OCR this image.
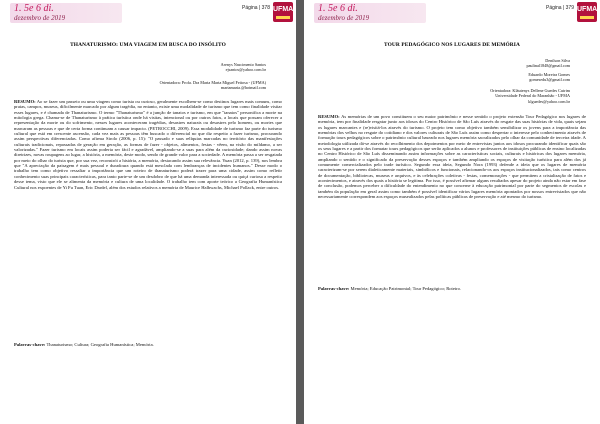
1. 5e 6 di.
dezembro de 2019
Página | 378 UFMA
THANATURISMO: UMA VIAGEM EM BUSCA DO INSÓLITO
Arenys Nascimento Santos
ejsantos@yahoo.com.br
Orientadora: Profa. Dra Maria Marta Miguel Feitosa - (UFMA)
martamaria.@hotmail.com
RESUMO: Ao se fazer um passeio ou uma viagem como turista ou curioso, geralmente escolhem-se como destinos lugares mais comuns, como praias, campos, museus, dificilmente marcado por algum tragédia, no entanto, existe uma modalidade de turismo que tem como finalidade visitar esses lugares, e é chamada de Thanaturismo. O termo "Thanaturismo" é a junção de tanatos e turismo, em que "tanatos" personifica a morte na mitologia grega. Chama-se de Thanaturismo à prática turística onde há visitas, intencional ou por outros fatos, a locais que possam oferecer a representação da morte ou do sofrimento, nesses lugares aconteceram tragédias, desastres naturais ou desastres pelo homem, ou mortes que marcaram as pessoas e que de certa forma continuam a causar impacto. (PETROCCHI, 2009). Essa modalidade de turismo faz parte do turismo cultural que está em crescente ascensão, cada vez mais as pessoas têm buscado o diferencial no que diz respeito a fazer turismo, procurando assim perspectivas diferenciadas. Como afirma Sirolo (2006, p. 15): "O passado e suas relíquias marcadas no território das manifestações culturais tradicionais, repassadas de geração em geração, as formas de fazer - objetos, alimentos, festas - vêem, na visão do mildamo, a ser valorizadas." Fazer turismo em locais assim poderia ser fácil e agradável, ampliando-se a suas para além da curiosidade; dando assim novas diretrizes, novas roupagens ao lugar, a história, a memória, deste modo, sendo de grande valor para a sociedade. A memória passa a ser resgatada por meio do olhar do turista que, por sua vez, reconstrói a história, a memória, destacando assim sua relevância. Yuan (2012, p. 139), nos lembra que "A apreciação da paisagem é mais pessoal e duradoura quando está mesclada com lembranças de incidentes humanos." Desse modo o trabalho tem como objetivo ressaltar a importância que um roteiro de thanaturismo poderá trazer para uma cidade, assim como refletir conhecimento suas principais características, para tanto parte-se de um desdobro de que há uma demanda interessada ou quiçá curiosa a respeito desse tema, visto que ele se alimenta da memória e cultura de uma localidade. O trabalho tem com aporte teórico a Geografia Humanística Cultural nos expoentes de Yi Fu Tuan, Eric Dardel, além dos estudos relativos a memória de Maurice Halbwachs, Michael Pollack, entre outros.
Palavras-chave: Thanaturismo; Cultura; Geografia Humanística; Memória.
1. 5e 6 di.
dezembro de 2019
Página | 379 UFMA
TOUR PEDAGÓGICO NOS LUGARES DE MEMÓRIA
Denilson Silva
paulinal1848@gmail.com
Eduardo Moreira Gomes
gomesedu3@gmail.com
Orientadora: Kláutenys Dellene Guedes Cutrim
Universidade Federal do Maranhão - UFMA
klguedes@yahoo.com.br
RESUMO: As memórias de um povo constituem o seu maior patrimônio e nesse sentido o projeto extensão Tour Pedagógico nos lugares de memória, tem por finalidade resgatar junto aos idosos do Centro Histórico de São Luís através do resgate das suas histórias de vida, quais sejam os lugares marcantes e (re)visitá-los através do turismo. O projeto tem como objetivo também sensibilizar os jovens para a importância das memórias dos velhos no resgate do cotidiano e dos valores culturais de São Luís assim como despertar o interesse pelo conhecimento através de formação tours pedagógicos sobre o patrimônio cultural baseado nos lugares memória sacralizados pelo olhar da comunidade de terceira idade. A metodologia utilizada dá-se através do recolhimento dos depoimentos por meio de entrevistas juntos aos idosos procurando identificar quais são os seus lugares e a partir dos formatar tours pedagógicos que serão aplicados a alunos e professores de instituições públicas de ensino localizadas no Centro Histórico de São Luís disseminando assim informações sobre as características sociais, culturais e históricas dos lugares memória, ampliando o sentido e o significado da preservação desses espaços e também ampliando os espaços de visitação turística para além dos já comumente comercializados pelo trade turístico. Segundo essa ideia, Segundo Nora (1993) defende a ideia que os lugares de memória caracterizam-se por serem dialeticamente materiais, simbólicos e funcionais, relacionando-os aos espaços institucionalizados, tais como centros de documentação, bibliotecas, museus e arquivos, e às celebrações coletivas - festas, comemorações - que permitem a cristalização de fatos e acontecimentos, e através dos quais a história se legitima. Por isso, é possível afirmar alguns resultados apesar do projeto ainda não estar em fase de conclusão, podemos perceber a dificuldade do entendimento no que concerne à educação patrimonial por parte do segmentos de escolas e também da população em geral assim como também é possível identificar vários lugares memória apontados por nossos entrevistados que não necessariamente correspondem aos espaços musealizados pelas políticas públicas de preservação e até mesmo do turismo.
Palavras-chave: Memória; Educação Patrimonial; Tour Pedagógico; Roteiro.
